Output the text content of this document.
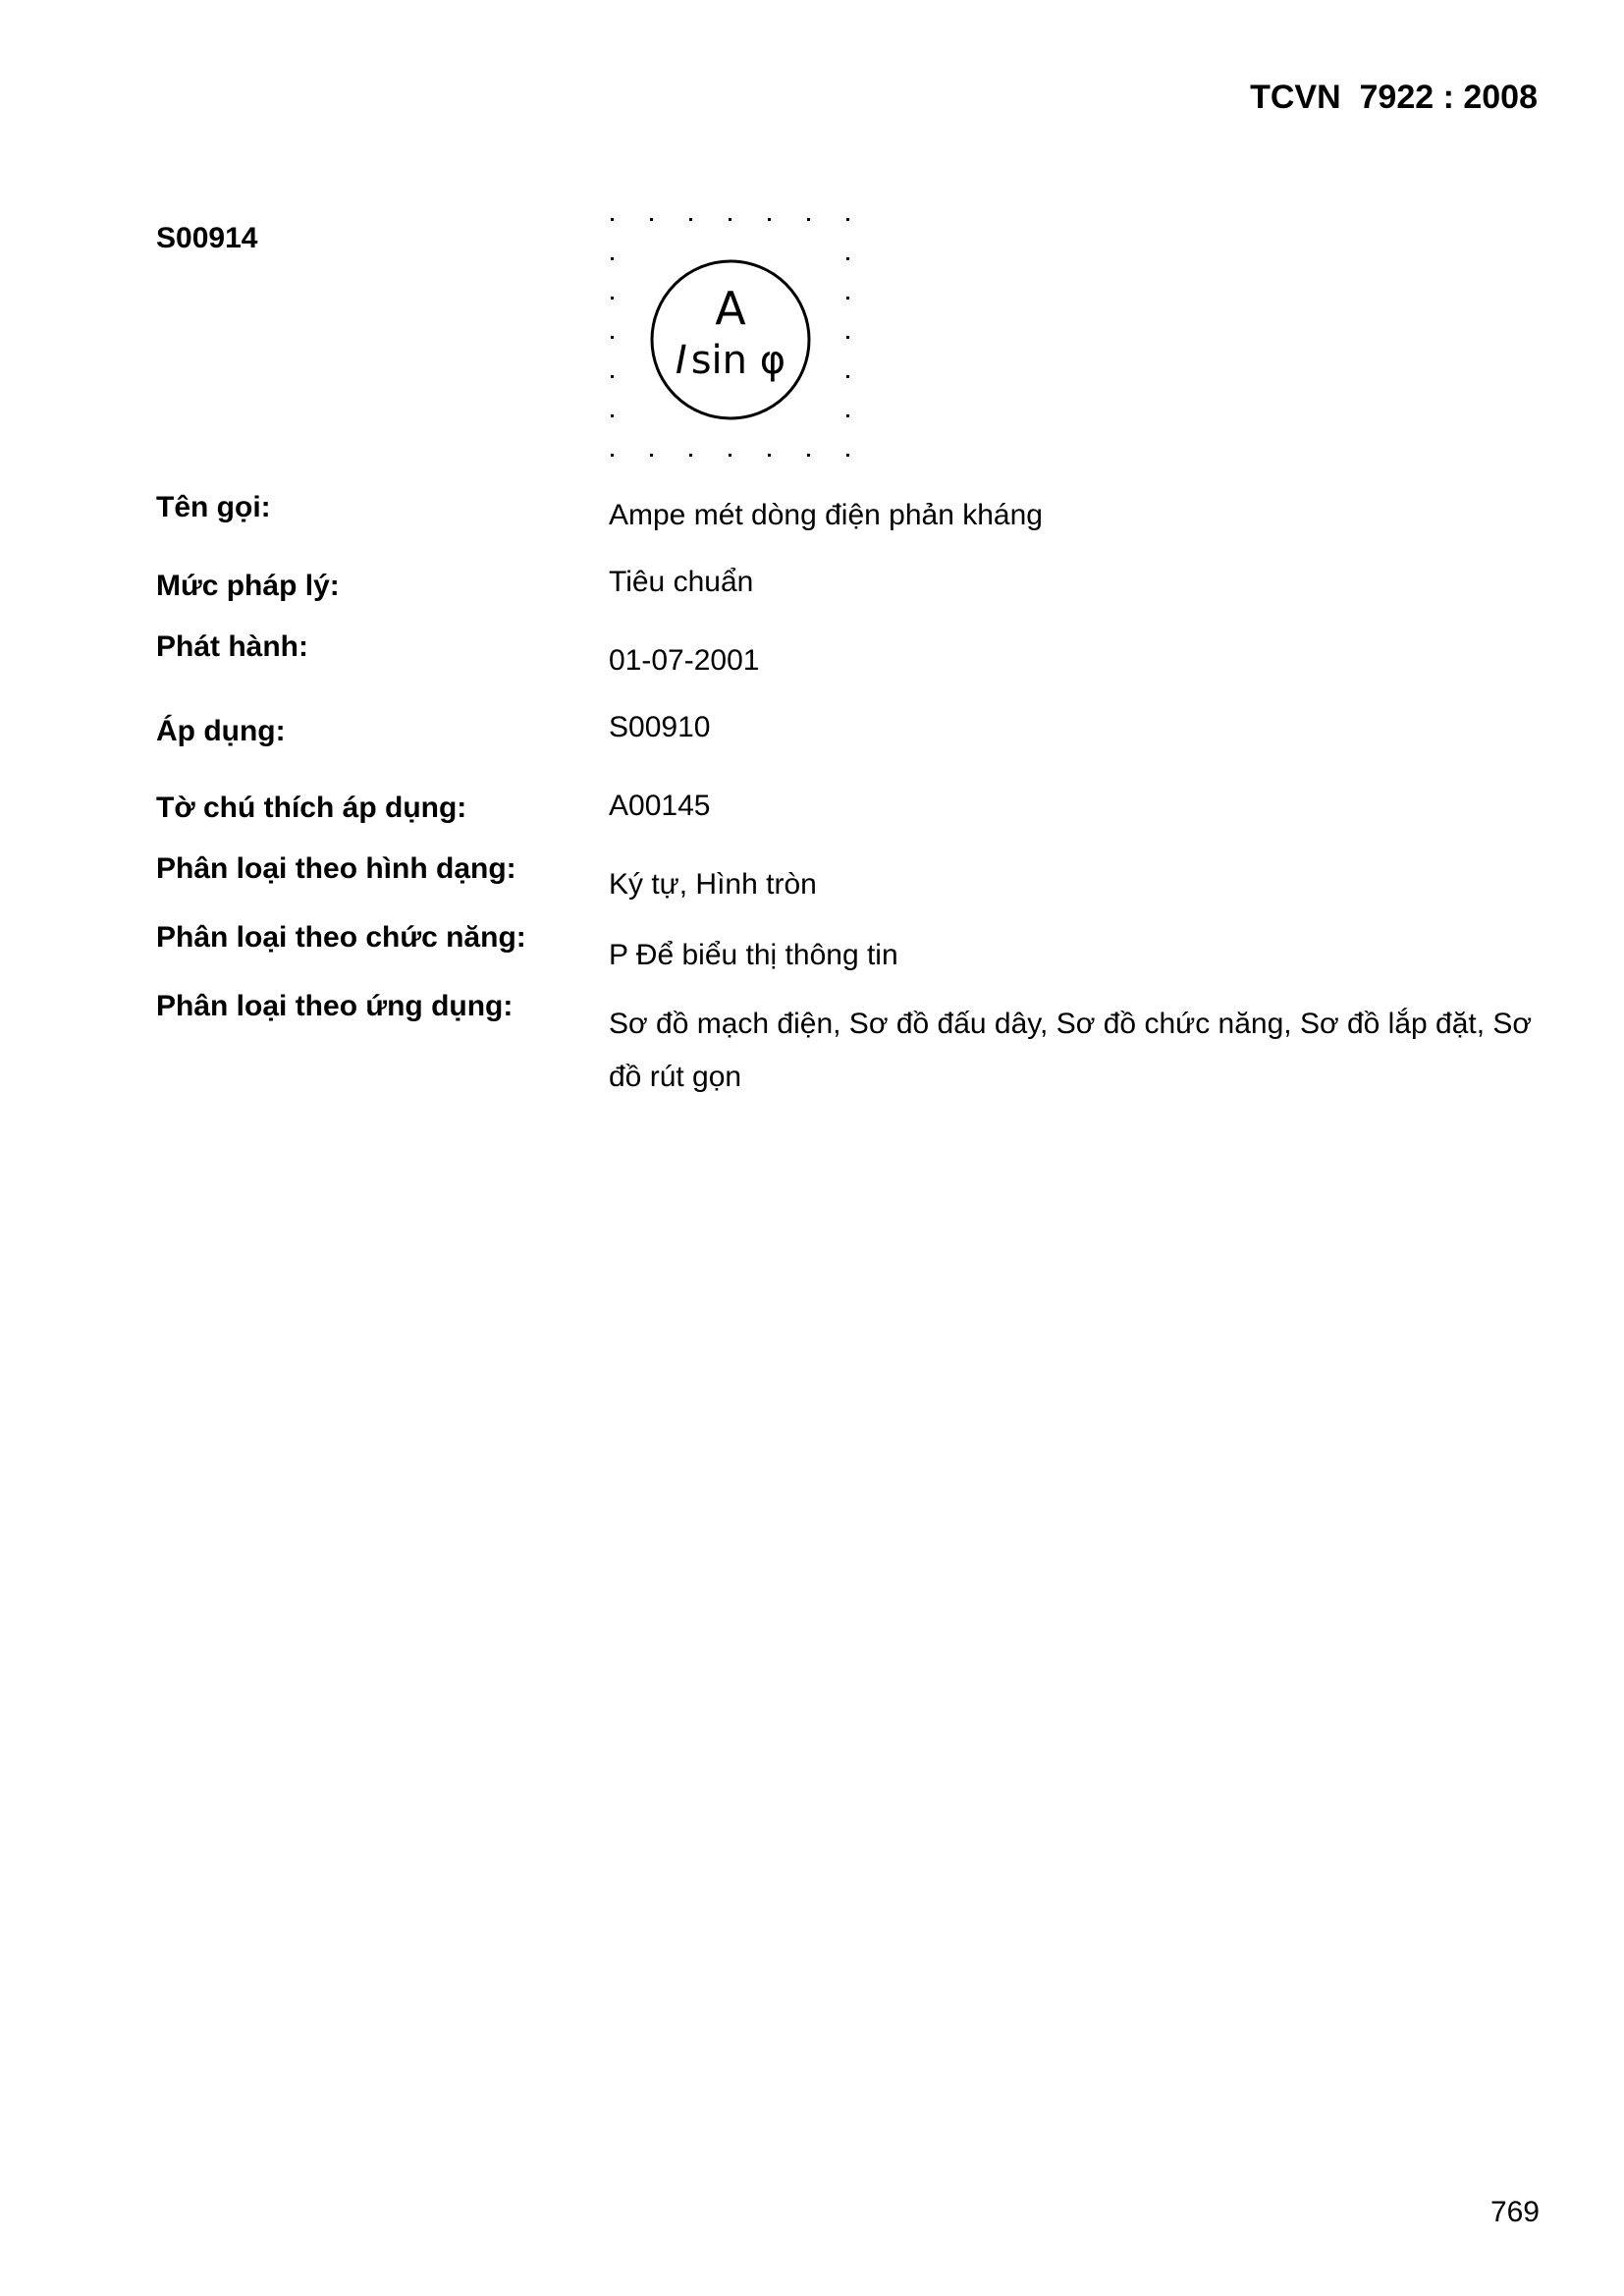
TCVN  7922 : 2008
S00914
A
I sin φ
Tên gọi:	Ampe mét dòng điện phản kháng
Mức pháp lý:	Tiêu chuẩn
Phát hành:	01-07-2001
Áp dụng:	S00910
Tờ chú thích áp dụng:	A00145
Phân loại theo hình dạng:	Ký tự, Hình tròn
Phân loại theo chức năng:
P Để biểu thị thông tin
Phân loại theo ứng dụng:
Sơ đồ mạch điện, Sơ đồ đấu dây, Sơ đồ chức năng, Sơ đồ lắp đặt, Sơ đồ rút gọn
769
